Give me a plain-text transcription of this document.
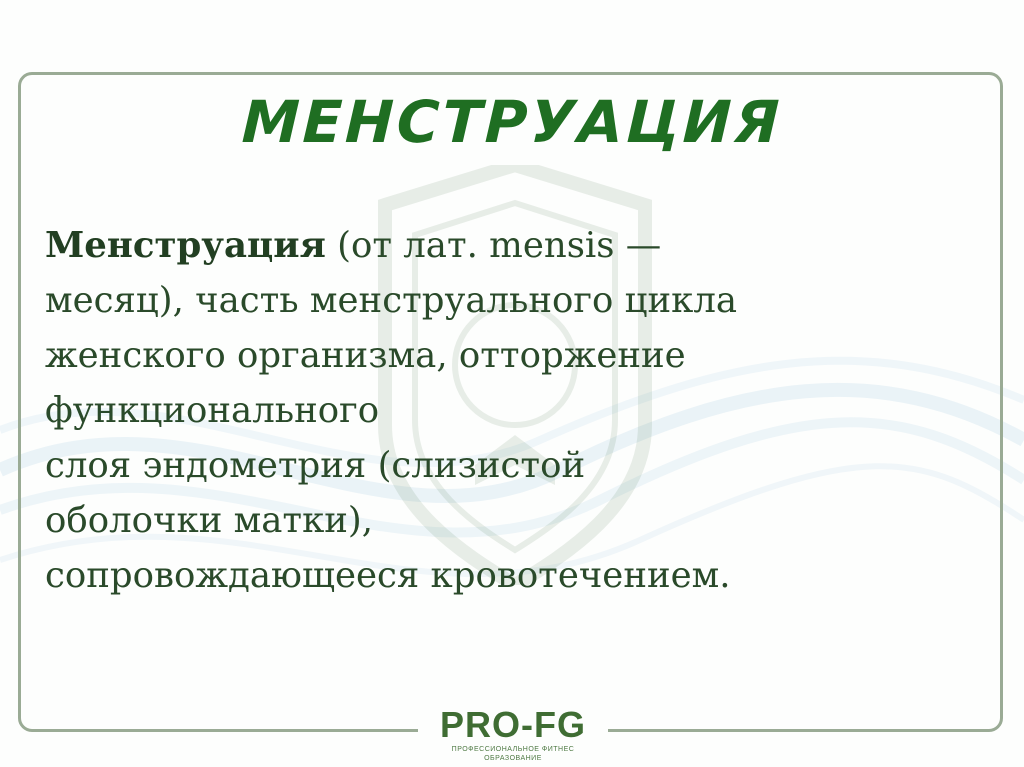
МЕНСТРУАЦИЯ
Менструация (от лат. mensis —
месяц), часть менструального цикла
женского организма, отторжение
функционального
слоя эндометрия (слизистой
оболочки матки),
сопровождающееся кровотечением.
PRO-FG
ПРОФЕССИОНАЛЬНОЕ ФИТНЕС ОБРАЗОВАНИЕ
